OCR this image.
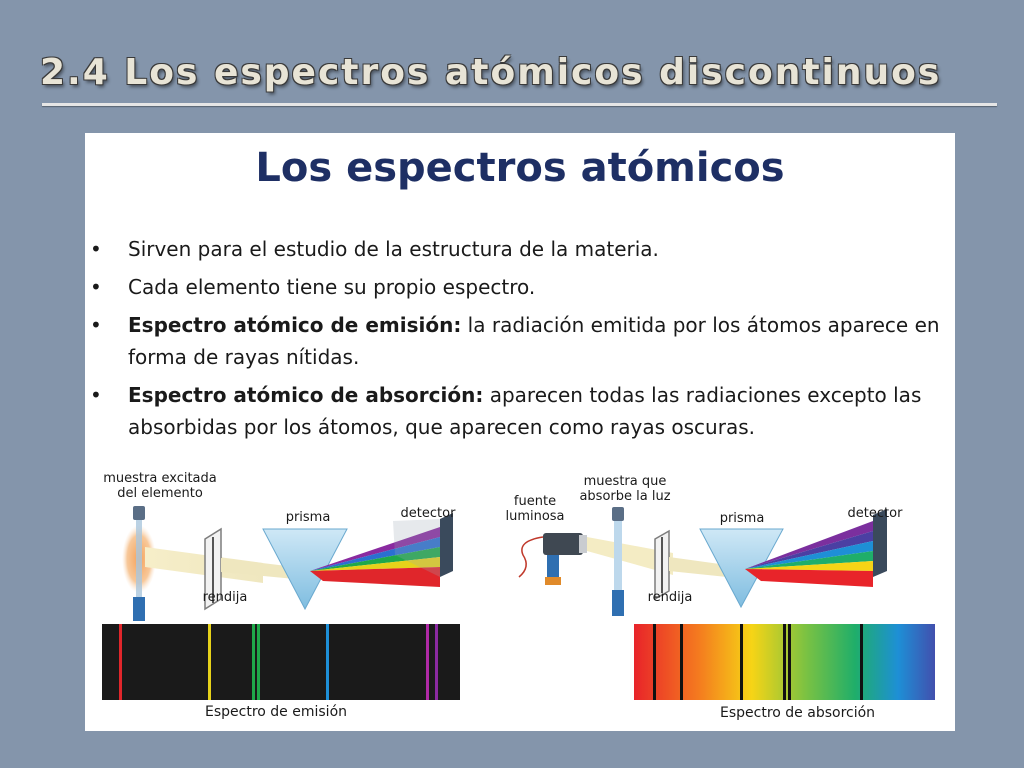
2.4 Los espectros atómicos discontinuos
Los espectros atómicos
• Sirven para el estudio de la estructura de la materia.
• Cada elemento tiene su propio espectro.
• Espectro atómico de emisión: la radiación emitida por los átomos aparece en forma de rayas nítidas.
• Espectro atómico de absorción: aparecen todas las radiaciones excepto las absorbidas por los átomos, que aparecen como rayas oscuras.
muestra excitada
del elemento
prisma	detector
rendija
Espectro de emisión
fuente
luminosa
muestra que
absorbe la luz
prisma	detector
rendija
Espectro de absorción
